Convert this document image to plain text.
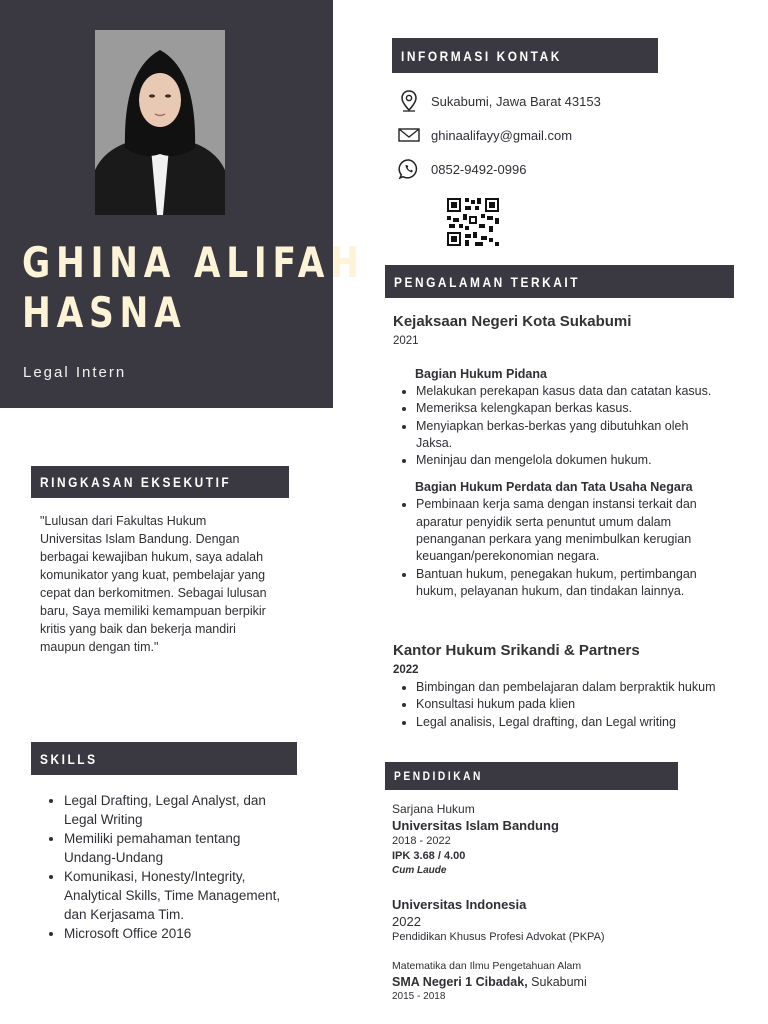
GHINA ALIFAH
HASNA
Legal Intern
RINGKASAN EKSEKUTIF
"Lulusan dari Fakultas Hukum Universitas Islam Bandung. Dengan berbagai kewajiban hukum, saya adalah komunikator yang kuat, pembelajar yang cepat dan berkomitmen. Sebagai lulusan baru, Saya memiliki kemampuan berpikir kritis yang baik dan bekerja mandiri maupun dengan tim."
SKILLS
• Legal Drafting, Legal Analyst, dan Legal Writing
• Memiliki pemahaman tentang Undang-Undang
• Komunikasi, Honesty/Integrity, Analytical Skills, Time Management, dan Kerjasama Tim.
• Microsoft Office 2016
INFORMASI KONTAK
Sukabumi, Jawa Barat 43153
ghinaalifayy@gmail.com
0852-9492-0996
PENGALAMAN TERKAIT
Kejaksaan Negeri Kota Sukabumi
2021
Bagian Hukum Pidana
• Melakukan perekapan kasus data dan catatan kasus.
• Memeriksa kelengkapan berkas kasus.
• Menyiapkan berkas-berkas yang dibutuhkan oleh Jaksa.
• Meninjau dan mengelola dokumen hukum.
Bagian Hukum Perdata dan Tata Usaha Negara
• Pembinaan kerja sama dengan instansi terkait dan aparatur penyidik serta penuntut umum dalam penanganan perkara yang menimbulkan kerugian keuangan/perekonomian negara.
• Bantuan hukum, penegakan hukum, pertimbangan hukum, pelayanan hukum, dan tindakan lainnya.
Kantor Hukum Srikandi & Partners
2022
• Bimbingan dan pembelajaran dalam berpraktik hukum
• Konsultasi hukum pada klien
• Legal analisis, Legal drafting, dan Legal writing
PENDIDIKAN
Sarjana Hukum
Universitas Islam Bandung
2018 - 2022
IPK 3.68 / 4.00
Cum Laude
Universitas Indonesia
2022
Pendidikan Khusus Profesi Advokat (PKPA)
Matematika dan Ilmu Pengetahuan Alam
SMA Negeri 1 Cibadak, Sukabumi
2015 - 2018
